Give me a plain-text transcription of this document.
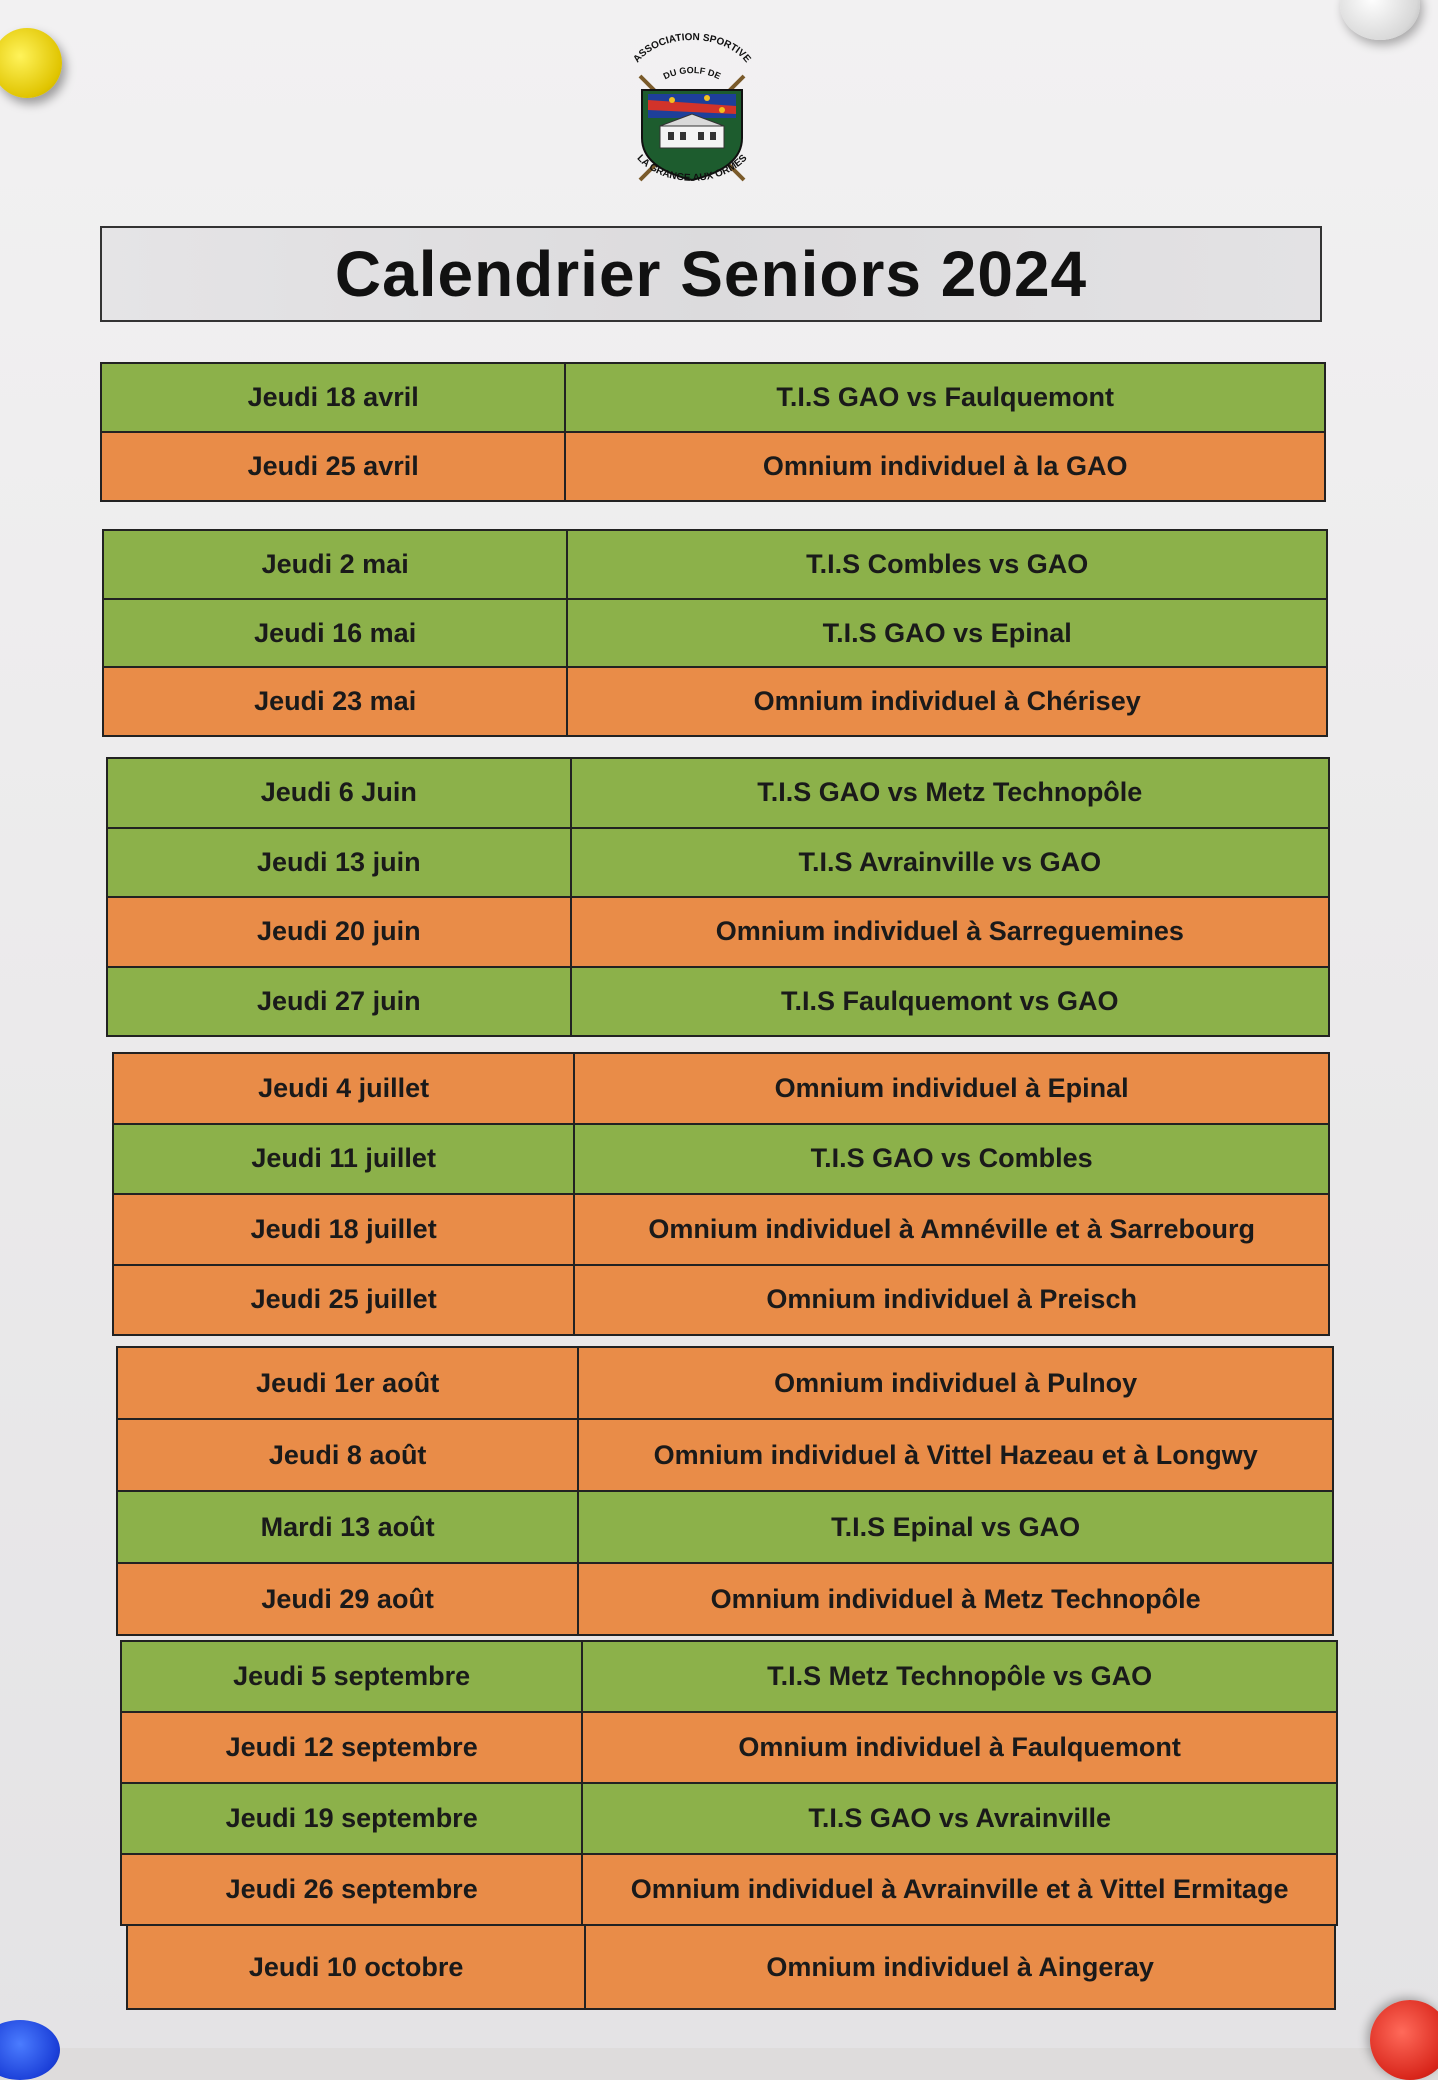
ASSOCIATION SPORTIVE
DU GOLF DE
LA GRANGE AUX ORMES
Calendrier Seniors 2024
Jeudi 18 avril	T.I.S GAO vs Faulquemont
Jeudi 25 avril	Omnium individuel à la GAO
Jeudi 2 mai	T.I.S Combles vs GAO
Jeudi 16 mai	T.I.S GAO vs Epinal
Jeudi 23 mai	Omnium individuel à Chérisey
Jeudi 6 Juin	T.I.S GAO vs Metz Technopôle
Jeudi 13 juin	T.I.S Avrainville vs GAO
Jeudi 20 juin	Omnium individuel à Sarreguemines
Jeudi 27 juin	T.I.S Faulquemont vs GAO
Jeudi 4 juillet	Omnium individuel à Epinal
Jeudi 11 juillet	T.I.S GAO vs Combles
Jeudi 18 juillet	Omnium individuel à Amnéville et à Sarrebourg
Jeudi 25 juillet	Omnium individuel à Preisch
Jeudi 1er août	Omnium individuel à Pulnoy
Jeudi 8 août	Omnium individuel à Vittel Hazeau et à Longwy
Mardi 13 août	T.I.S Epinal vs GAO
Jeudi 29 août	Omnium individuel à Metz Technopôle
Jeudi 5 septembre	T.I.S Metz Technopôle vs GAO
Jeudi 12 septembre	Omnium individuel à Faulquemont
Jeudi 19 septembre	T.I.S GAO vs Avrainville
Jeudi 26 septembre	Omnium individuel à Avrainville et à Vittel Ermitage
Jeudi 10 octobre	Omnium individuel à Aingeray
